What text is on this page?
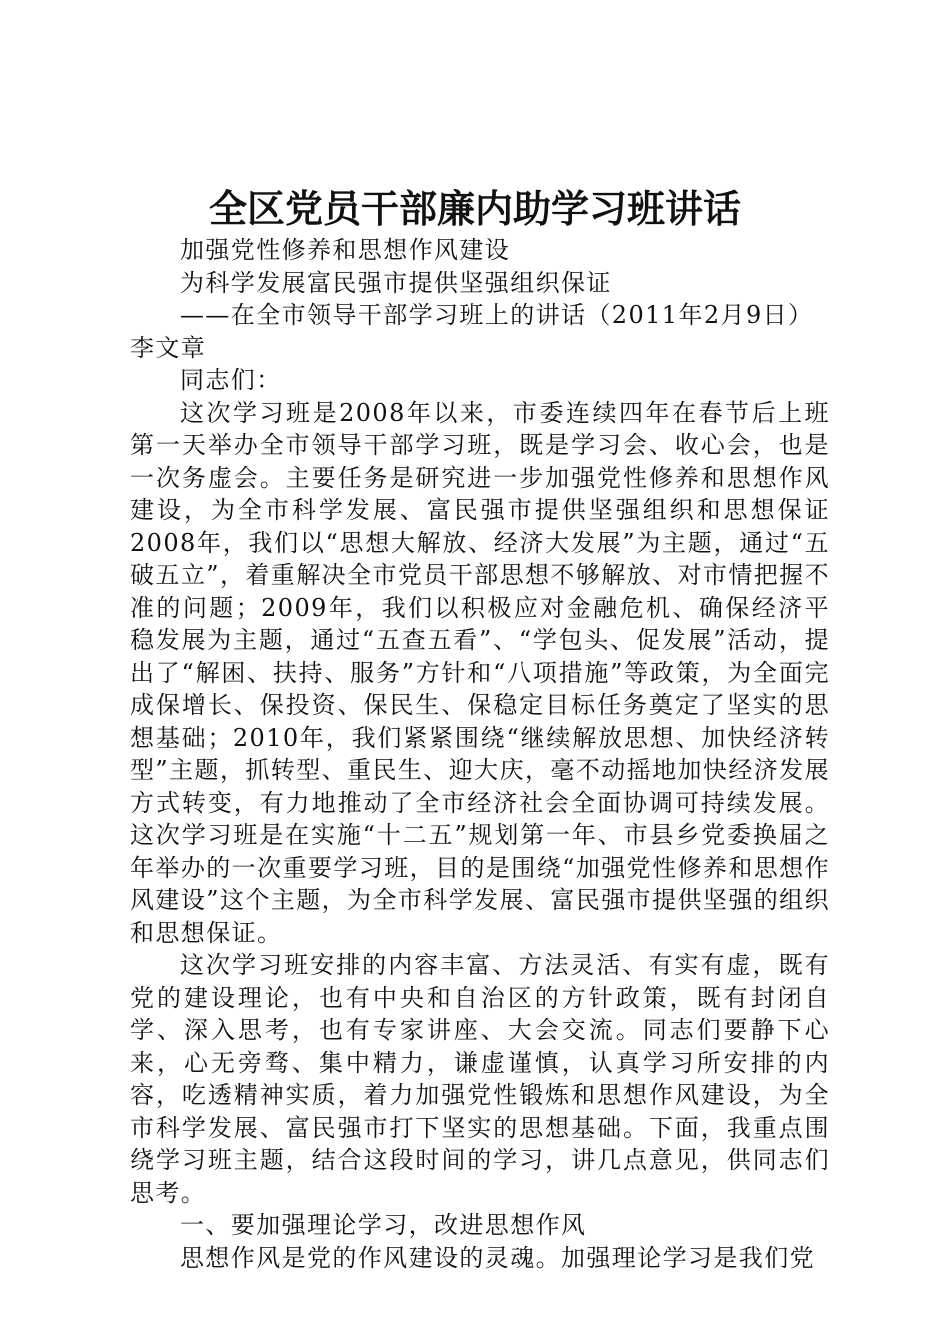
全区党员干部廉内助学习班讲话

加强党性修养和思想作风建设

为科学发展富民强市提供坚强组织保证

——在全市领导干部学习班上的讲话（2011年2月9日）

李文章

同志们：

这次学习班是2008年以来，市委连续四年在春节后上班第一天举办全市领导干部学习班，既是学习会、收心会，也是一次务虚会。主要任务是研究进一步加强党性修养和思想作风建设，为全市科学发展、富民强市提供坚强组织和思想保证2008年，我们以“思想大解放、经济大发展”为主题，通过“五破五立”，着重解决全市党员干部思想不够解放、对市情把握不准的问题；2009年，我们以积极应对金融危机、确保经济平稳发展为主题，通过“五查五看”、“学包头、促发展”活动，提出了“解困、扶持、服务”方针和“八项措施”等政策，为全面完成保增长、保投资、保民生、保稳定目标任务奠定了坚实的思想基础；2010年，我们紧紧围绕“继续解放思想、加快经济转型”主题，抓转型、重民生、迎大庆，毫不动摇地加快经济发展方式转变，有力地推动了全市经济社会全面协调可持续发展。这次学习班是在实施“十二五”规划第一年、市县乡党委换届之年举办的一次重要学习班，目的是围绕“加强党性修养和思想作风建设”这个主题，为全市科学发展、富民强市提供坚强的组织和思想保证。

这次学习班安排的内容丰富、方法灵活、有实有虚，既有党的建设理论，也有中央和自治区的方针政策，既有封闭自学、深入思考，也有专家讲座、大会交流。同志们要静下心来，心无旁骛、集中精力，谦虚谨慎，认真学习所安排的内容，吃透精神实质，着力加强党性锻炼和思想作风建设，为全市科学发展、富民强市打下坚实的思想基础。下面，我重点围绕学习班主题，结合这段时间的学习，讲几点意见，供同志们思考。

一、要加强理论学习，改进思想作风

思想作风是党的作风建设的灵魂。加强理论学习是我们党
